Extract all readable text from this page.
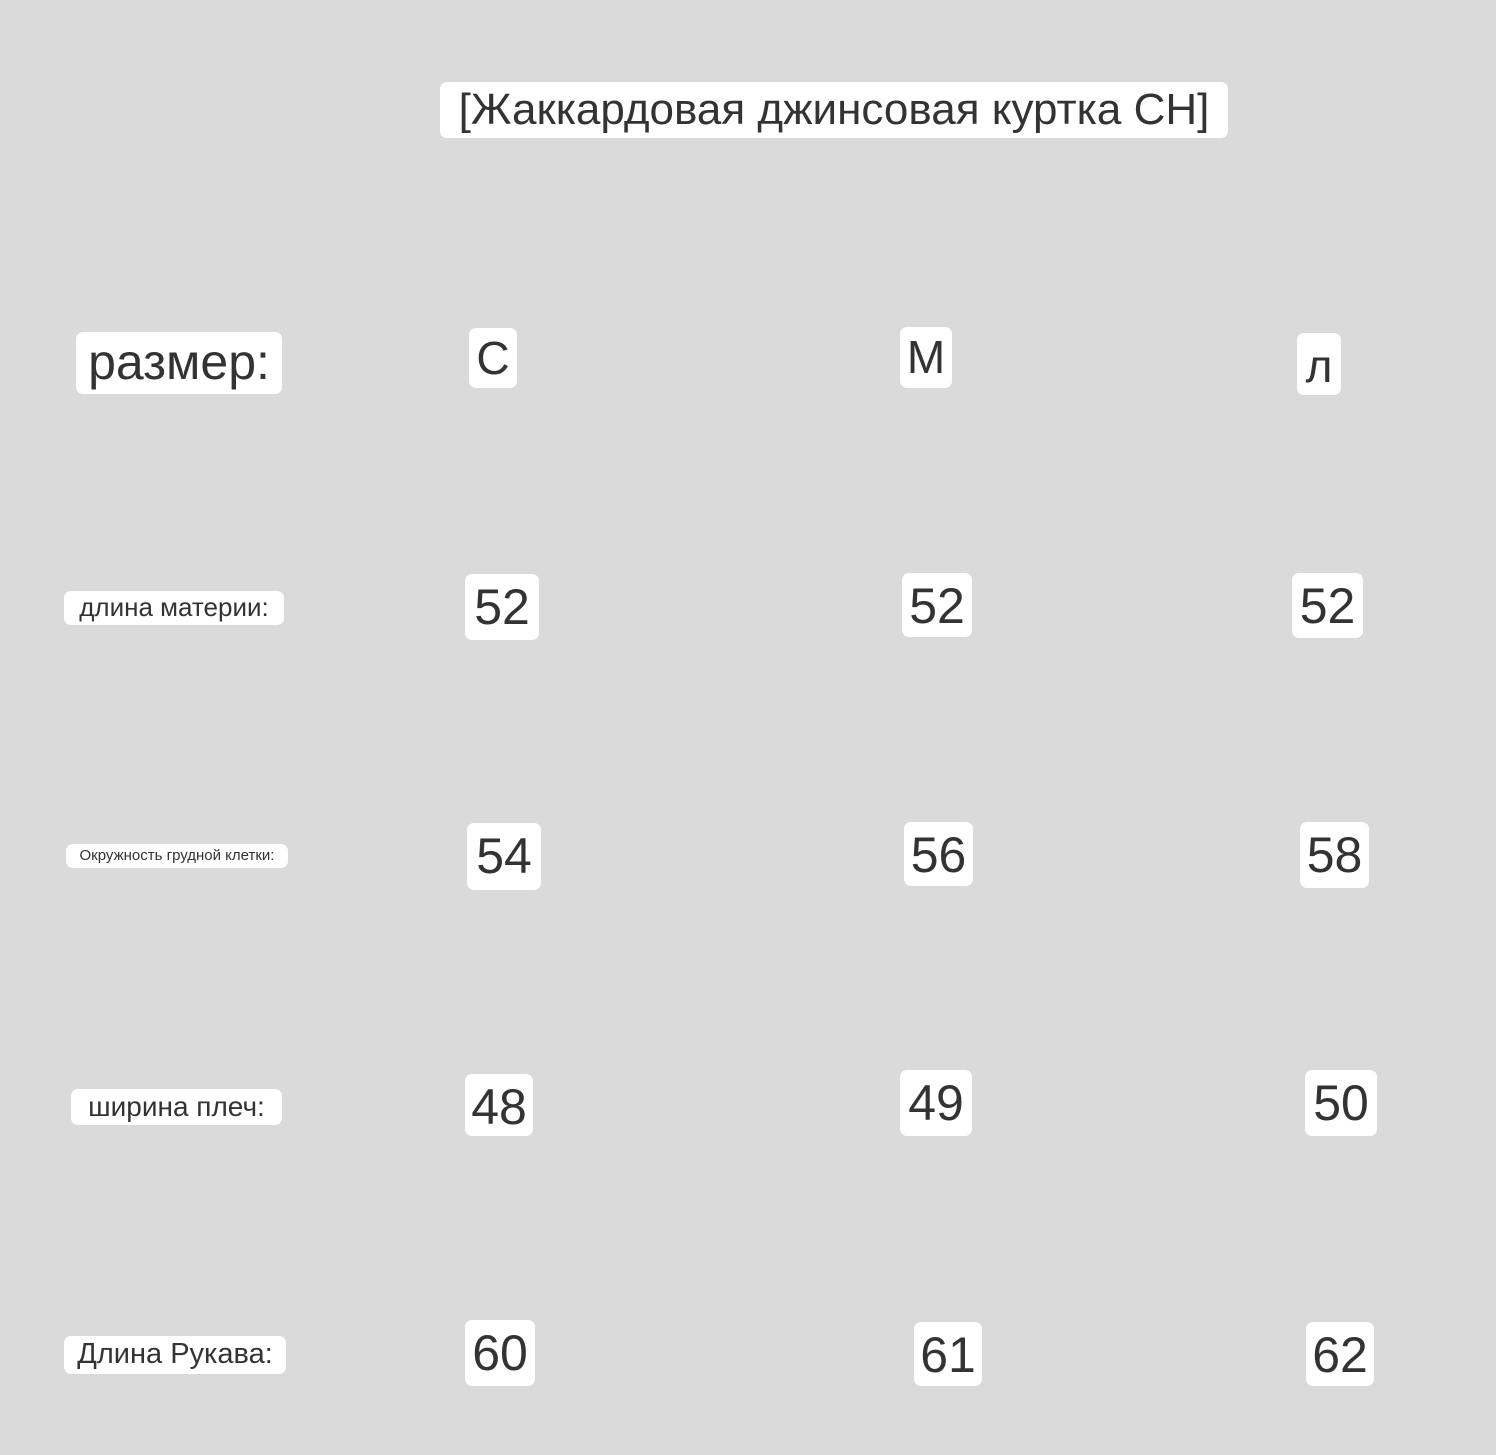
[Жаккардовая джинсовая куртка СН]
размер:	С	М	л
длина материи:	52	52	52
Окружность грудной клетки:	54	56	58
ширина плеч:	48	49	50
Длина Рукава:	60	61	62
